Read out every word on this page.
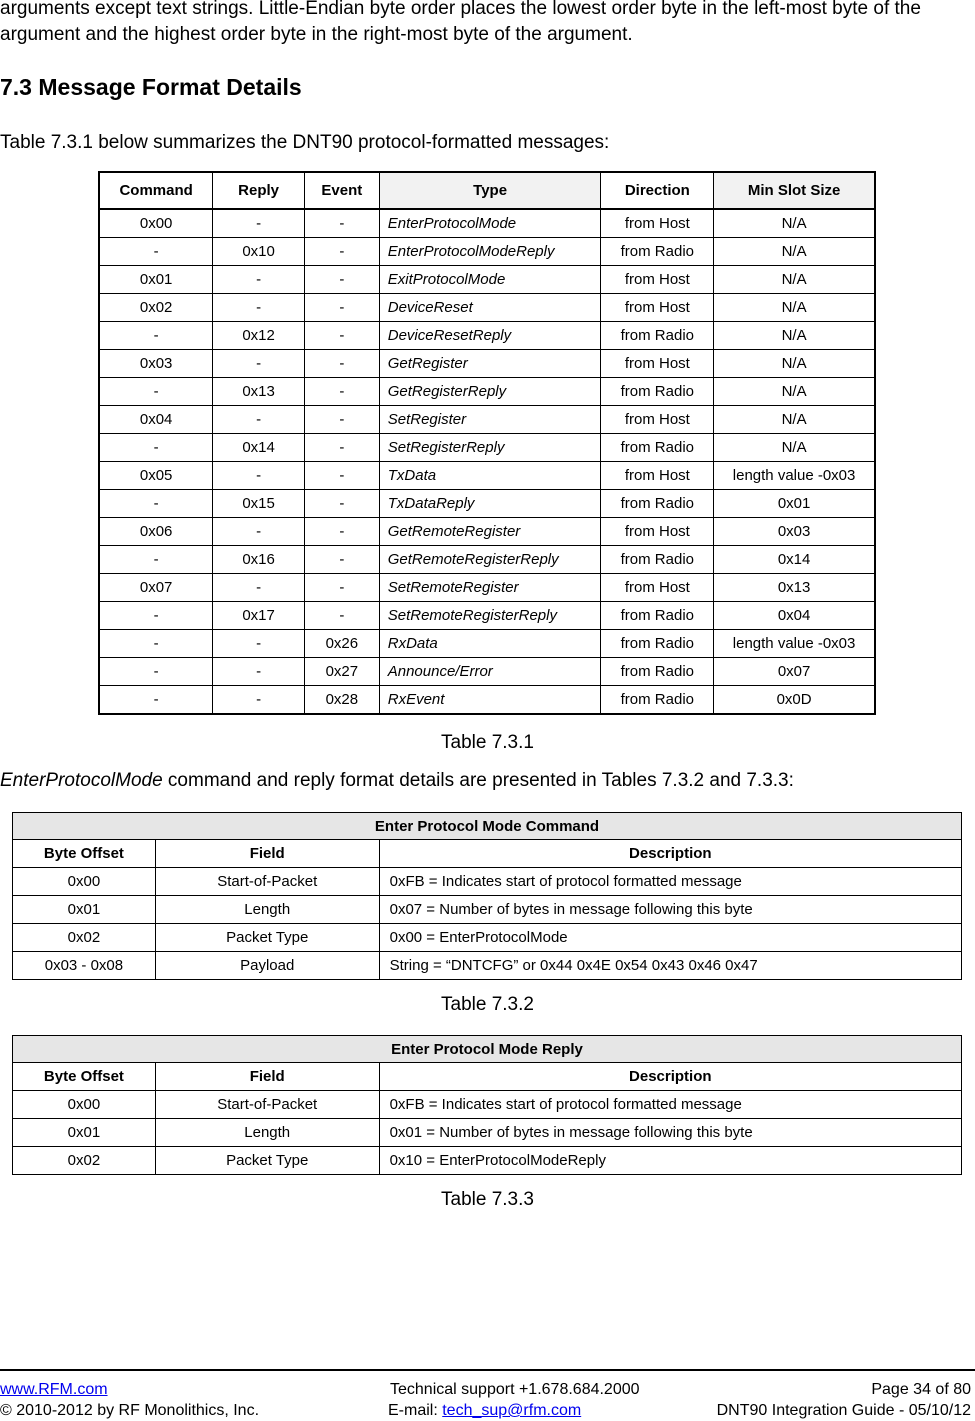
arguments except text strings. Little-Endian byte order places the lowest order byte in the left-most byte of the argument and the highest order byte in the right-most byte of the argument.

7.3 Message Format Details

Table 7.3.1 below summarizes the DNT90 protocol-formatted messages:

Command	Reply	Event	Type	Direction	Min Slot Size
0x00	-	-	EnterProtocolMode	from Host	N/A
-	0x10	-	EnterProtocolModeReply	from Radio	N/A
0x01	-	-	ExitProtocolMode	from Host	N/A
0x02	-	-	DeviceReset	from Host	N/A
-	0x12	-	DeviceResetReply	from Radio	N/A
0x03	-	-	GetRegister	from Host	N/A
-	0x13	-	GetRegisterReply	from Radio	N/A
0x04	-	-	SetRegister	from Host	N/A
-	0x14	-	SetRegisterReply	from Radio	N/A
0x05	-	-	TxData	from Host	length value -0x03
-	0x15	-	TxDataReply	from Radio	0x01
0x06	-	-	GetRemoteRegister	from Host	0x03
-	0x16	-	GetRemoteRegisterReply	from Radio	0x14
0x07	-	-	SetRemoteRegister	from Host	0x13
-	0x17	-	SetRemoteRegisterReply	from Radio	0x04
-	-	0x26	RxData	from Radio	length value -0x03
-	-	0x27	Announce/Error	from Radio	0x07
-	-	0x28	RxEvent	from Radio	0x0D

Table 7.3.1

EnterProtocolMode command and reply format details are presented in Tables 7.3.2 and 7.3.3:

Enter Protocol Mode Command		
Byte Offset	Field	Description
0x00	Start-of-Packet	0xFB = Indicates start of protocol formatted message
0x01	Length	0x07 = Number of bytes in message following this byte
0x02	Packet Type	0x00 = EnterProtocolMode
0x03 - 0x08	Payload	String = “DNTCFG” or 0x44 0x4E 0x54 0x43 0x46 0x47

Table 7.3.2

Enter Protocol Mode Reply		
Byte Offset	Field	Description
0x00	Start-of-Packet	0xFB = Indicates start of protocol formatted message
0x01	Length	0x01 = Number of bytes in message following this byte
0x02	Packet Type	0x10 = EnterProtocolModeReply

Table 7.3.3

www.RFM.com

© 2010-2012 by RF Monolithics, Inc.

Technical support +1.678.684.2000

E-mail: tech_sup@rfm.com

Page 34 of 80

DNT90 Integration Guide - 05/10/12
